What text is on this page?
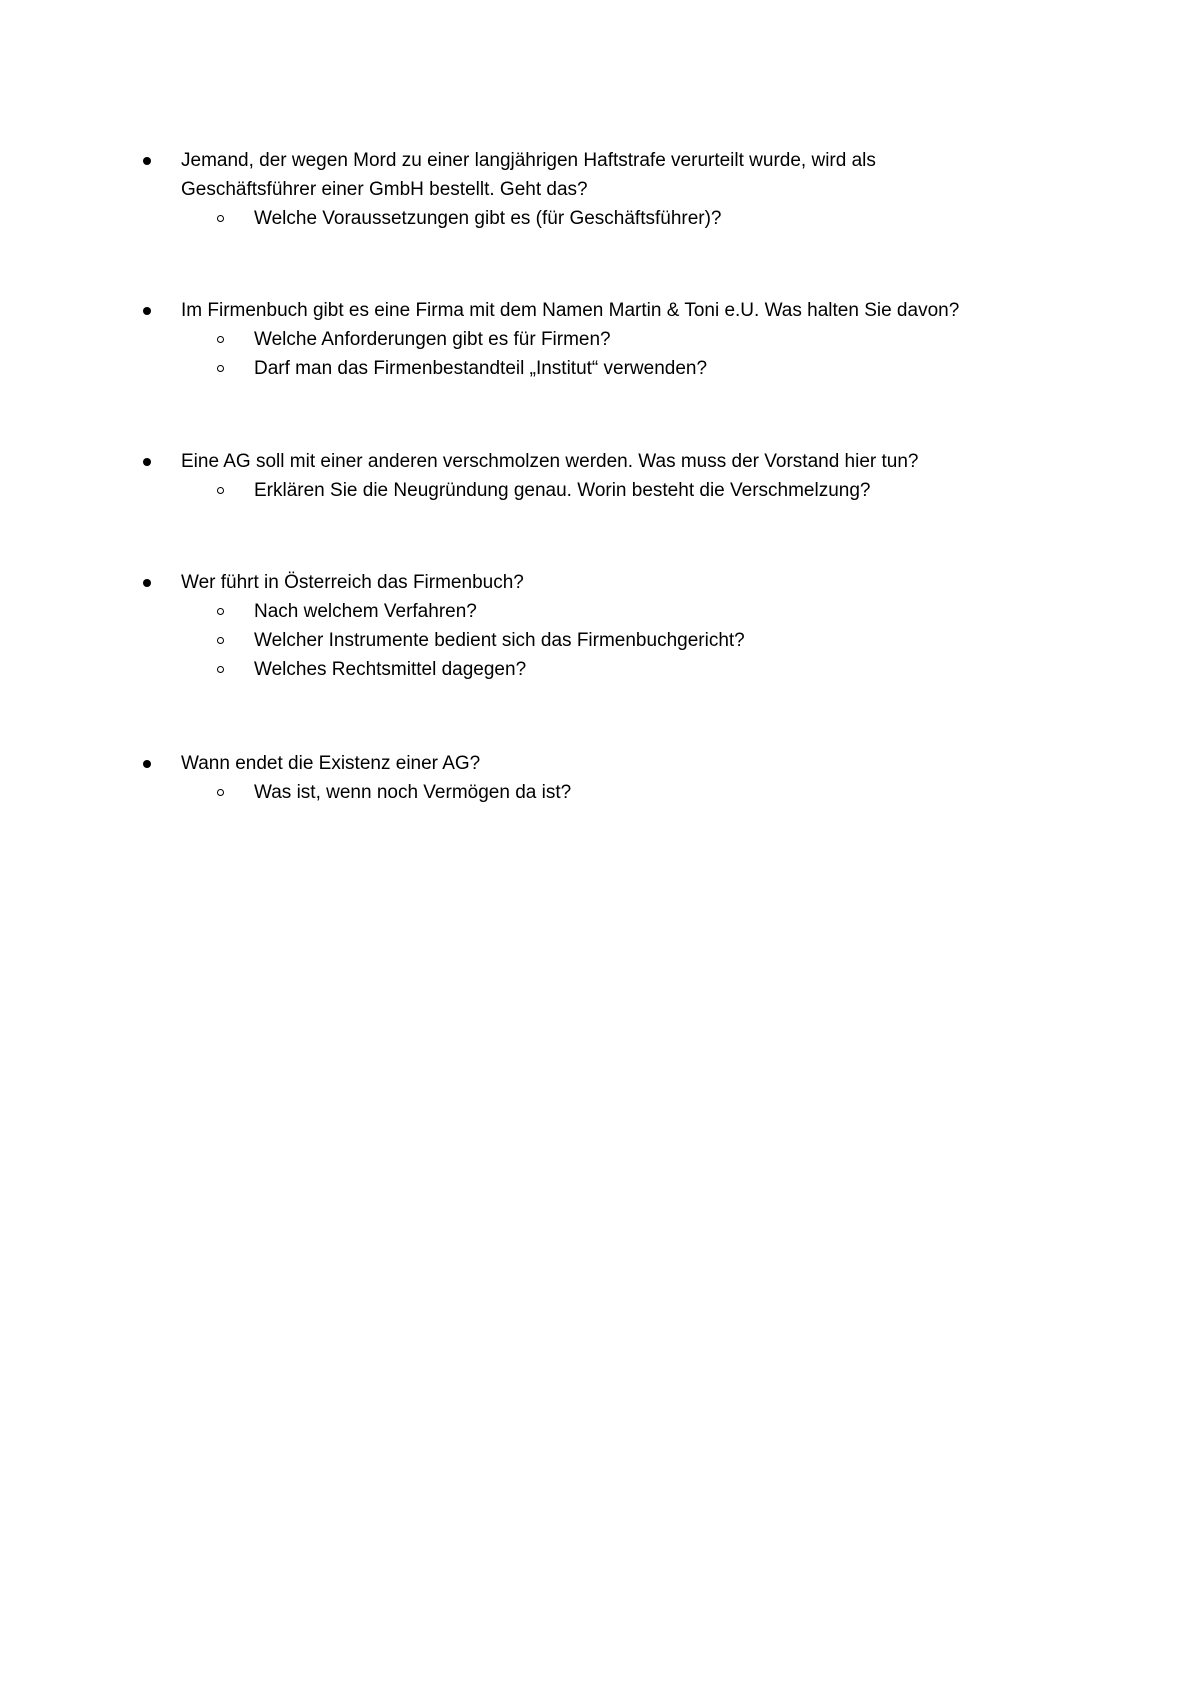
Jemand, der wegen Mord zu einer langjährigen Haftstrafe verurteilt wurde, wird als
Geschäftsführer einer GmbH bestellt. Geht das?
Welche Voraussetzungen gibt es (für Geschäftsführer)?
Im Firmenbuch gibt es eine Firma mit dem Namen Martin & Toni e.U. Was halten Sie davon?
Welche Anforderungen gibt es für Firmen?
Darf man das Firmenbestandteil „Institut“ verwenden?
Eine AG soll mit einer anderen verschmolzen werden. Was muss der Vorstand hier tun?
Erklären Sie die Neugründung genau. Worin besteht die Verschmelzung?
Wer führt in Österreich das Firmenbuch?
Nach welchem Verfahren?
Welcher Instrumente bedient sich das Firmenbuchgericht?
Welches Rechtsmittel dagegen?
Wann endet die Existenz einer AG?
Was ist, wenn noch Vermögen da ist?
